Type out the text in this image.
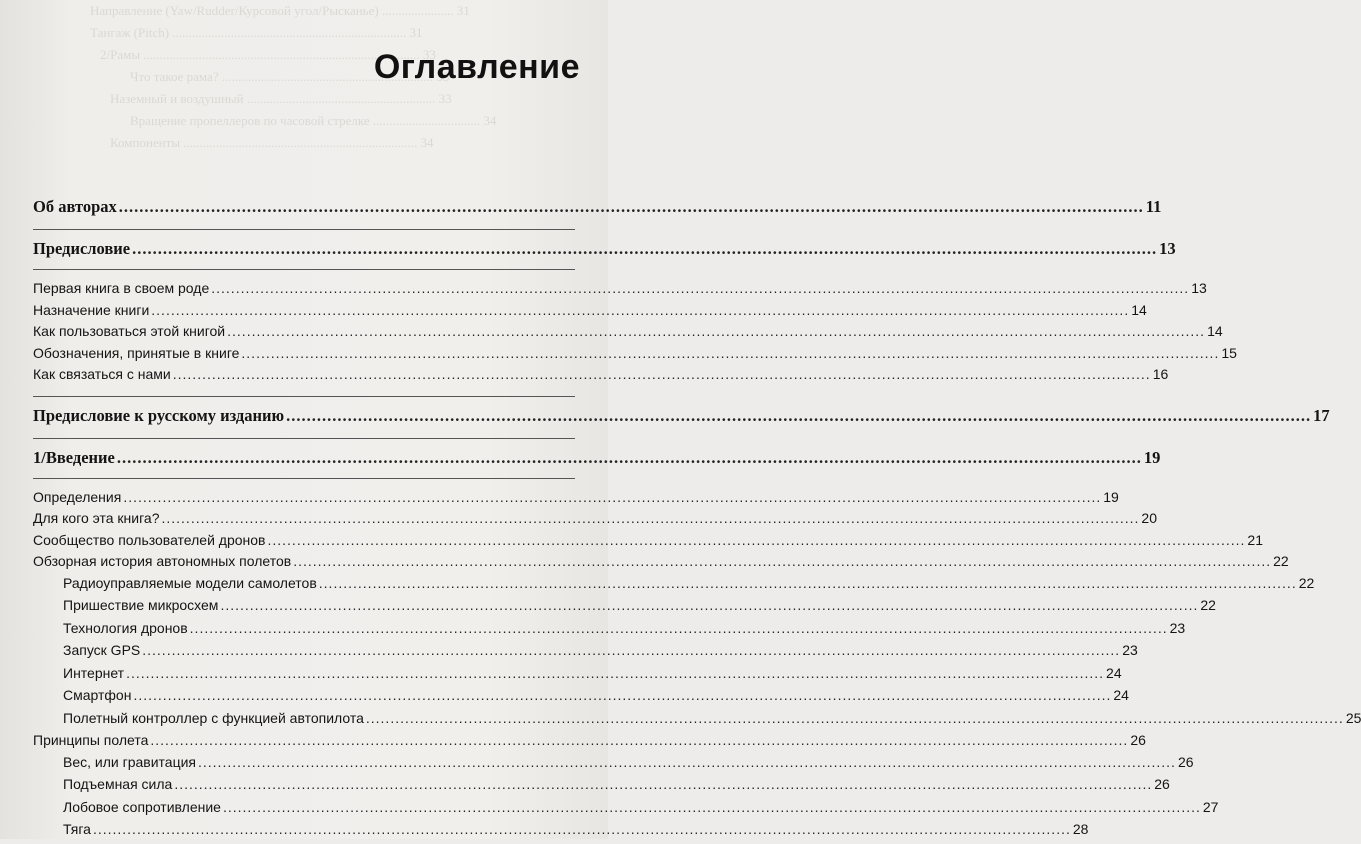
Направление (Yaw/Rudder/Курсовой угол/Рысканье) ...................... 31
Тангаж (Pitch) ........................................................................ 31
2/Рамы ..................................................................................... 33
Что такое рама? ................................................................. 33
Наземный и воздушный .......................................................... 33
Вращение пропеллеров по часовой стрелке ................................. 34
Компоненты ........................................................................ 34
Оглавление
Об авторах ........................................................................................................................................................................................................ 11
Предисловие ........................................................................................................................................................................................................ 13
Первая книга в своем роде ........................................................................................................................................................................................................ 13
Назначение книги ........................................................................................................................................................................................................ 14
Как пользоваться этой книгой ........................................................................................................................................................................................................ 14
Обозначения, принятые в книге ........................................................................................................................................................................................................ 15
Как связаться с нами ........................................................................................................................................................................................................ 16
Предисловие к русскому изданию ........................................................................................................................................................................................................ 17
1/Введение ........................................................................................................................................................................................................ 19
Определения ........................................................................................................................................................................................................ 19
Для кого эта книга? ........................................................................................................................................................................................................ 20
Сообщество пользователей дронов ........................................................................................................................................................................................................ 21
Обзорная история автономных полетов ........................................................................................................................................................................................................ 22
Радиоуправляемые модели самолетов ........................................................................................................................................................................................................ 22
Пришествие микросхем ........................................................................................................................................................................................................ 22
Технология дронов ........................................................................................................................................................................................................ 23
Запуск GPS ........................................................................................................................................................................................................ 23
Интернет ........................................................................................................................................................................................................ 24
Смартфон ........................................................................................................................................................................................................ 24
Полетный контроллер с функцией автопилота ........................................................................................................................................................................................................ 25
Принципы полета ........................................................................................................................................................................................................ 26
Вес, или гравитация ........................................................................................................................................................................................................ 26
Подъемная сила ........................................................................................................................................................................................................ 26
Лобовое сопротивление ........................................................................................................................................................................................................ 27
Тяга ........................................................................................................................................................................................................ 28
